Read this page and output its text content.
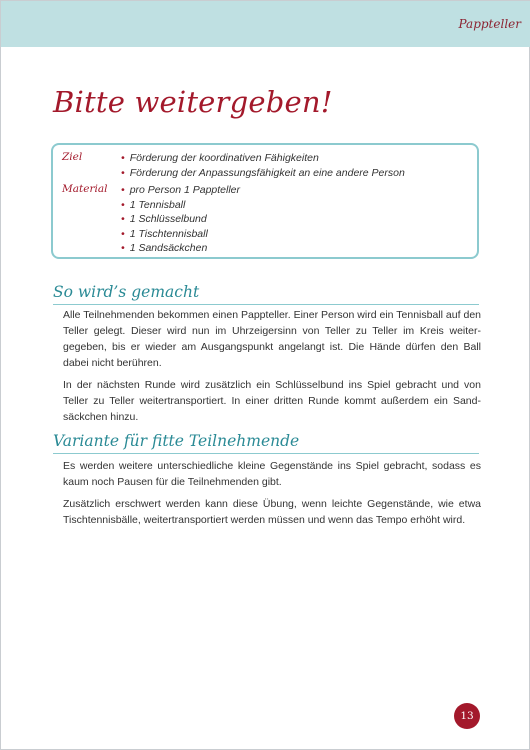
Pappteller
Bitte weitergeben!
Ziel	• Förderung der koordinativen Fähigkeiten
• Förderung der Anpassungsfähigkeit an eine andere Person
Material • pro Person 1 Pappteller
• 1 Tennisball
• 1 Schlüsselbund
• 1 Tischtennisball
• 1 Sandsäckchen
So wird’s gemacht

Alle Teilnehmenden bekommen einen Pappteller. Einer Person wird ein Tennisball auf den Teller gelegt. Dieser wird nun im Uhrzeigersinn von Teller zu Teller im Kreis weitergegeben, bis er wieder am Ausgangspunkt angelangt ist. Die Hände dürfen den Ball dabei nicht berühren.

In der nächsten Runde wird zusätzlich ein Schlüsselbund ins Spiel gebracht und von Teller zu Teller weitertransportiert. In einer dritten Runde kommt außerdem ein Sandsäckchen hinzu.

Variante für fitte Teilnehmende

Es werden weitere unterschiedliche kleine Gegenstände ins Spiel gebracht, sodass es kaum noch Pausen für die Teilnehmenden gibt.

Zusätzlich erschwert werden kann diese Übung, wenn leichte Gegenstände, wie etwa Tischtennisbälle, weitertransportiert werden müssen und wenn das Tempo erhöht wird.

13
